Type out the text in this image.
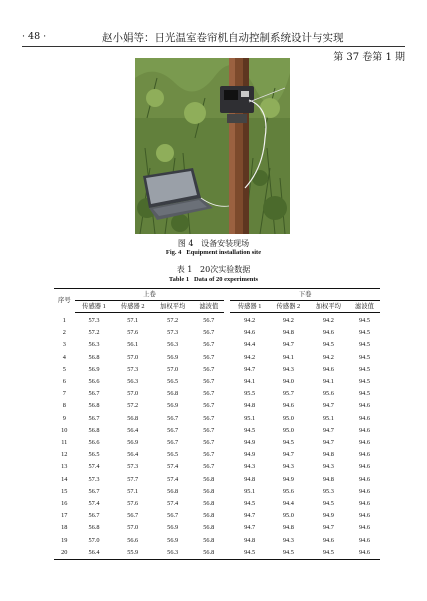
· 48 ·	赵小娟等：日光温室卷帘机自动控制系统设计与实现
第 37 卷第 1 期
图 4 设备安装现场
Fig. 4 Equipment installation site
表 1 20次实验数据
Table 1 Data of 20 experiments
序号	上卷					下卷			
	传感器 1	传感器 2	加权平均	滤波值		传感器 1	传感器 2	加权平均	滤波值
1	57.3	57.1	57.2	56.7		94.2	94.2	94.2	94.5
2	57.2	57.6	57.3	56.7		94.6	94.8	94.6	94.5
3	56.3	56.1	56.3	56.7		94.4	94.7	94.5	94.5
4	56.8	57.0	56.9	56.7		94.2	94.1	94.2	94.5
5	56.9	57.3	57.0	56.7		94.7	94.3	94.6	94.5
6	56.6	56.3	56.5	56.7		94.1	94.0	94.1	94.5
7	56.7	57.0	56.8	56.7		95.5	95.7	95.6	94.5
8	56.8	57.2	56.9	56.7		94.8	94.6	94.7	94.6
9	56.7	56.8	56.7	56.7		95.1	95.0	95.1	94.6
10	56.8	56.4	56.7	56.7		94.5	95.0	94.7	94.6
11	56.6	56.9	56.7	56.7		94.9	94.5	94.7	94.6
12	56.5	56.4	56.5	56.7		94.9	94.7	94.8	94.6
13	57.4	57.3	57.4	56.7		94.3	94.3	94.3	94.6
14	57.3	57.7	57.4	56.8		94.8	94.9	94.8	94.6
15	56.7	57.1	56.8	56.8		95.1	95.6	95.3	94.6
16	57.4	57.6	57.4	56.8		94.5	94.4	94.5	94.6
17	56.7	56.7	56.7	56.8		94.7	95.0	94.9	94.6
18	56.8	57.0	56.9	56.8		94.7	94.8	94.7	94.6
19	57.0	56.6	56.9	56.8		94.8	94.3	94.6	94.6
20	56.4	55.9	56.3	56.8		94.5	94.5	94.5	94.6
